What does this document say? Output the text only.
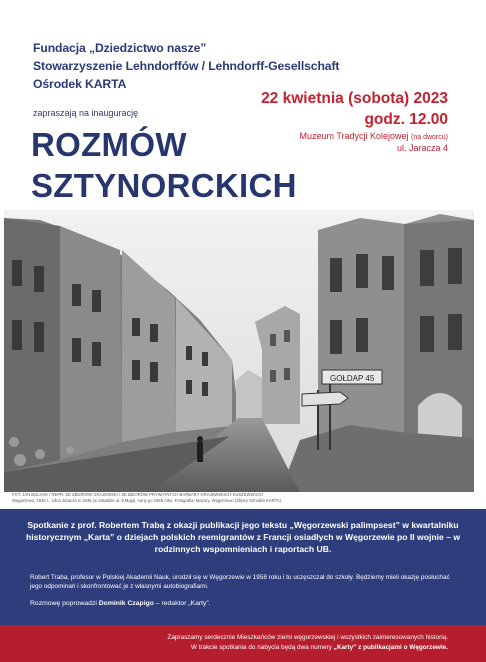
Fundacja „Dziedzictwo nasze”
Stowarzyszenie Lehndorffów / Lehndorff-Gesellschaft
Ośrodek KARTA
zapraszają na inaugurację
ROZMÓW
SZTYNORCKICH
22 kwietnia (sobota) 2023
godz. 12.00
Muzeum Tradycji Kolejowej (na dworcu)
ul. Jaracza 4
GOŁDAP 45
FOT. JAN BULHAK / REPR. ZE ZBIORÓW GRAJEWSKI / ZE ZBIORÓW PRYWATNYCH BARBARY GRAJEWSKICH-KUSZEWSKICH
Węgorzewo, 1945 r., Ulica Jaracza w 1945 (w zasadzie ul. 9 Maja), ruiny po 1945 roku. Fotografia: Mazury, Węgorzewo (Zbiory Ośrodka KARTA)
Spotkanie z prof. Robertem Trabą z okazji publikacji jego tekstu „Węgorzewski palimpsest” w kwartalniku historycznym „Karta” o dziejach polskich reemigrantów z Francji osiadłych w Węgorzewie po II wojnie – w rodzinnych wspomnieniach i raportach UB.
Robert Traba, profesor w Polskiej Akademii Nauk, urodził się w Węgorzewie w 1958 roku i tu uczęszczał do szkoły. Będziemy mieli okazję posłuchać jego odpominań i skonfrontować je z własnymi autobiografiami.
Rozmowę poprowadzi Dominik Czapigo – redaktor „Karty”.
Zapraszamy serdecznie Mieszkańców ziemi węgorzewskiej i wszystkich zainteresowanych historią.
W trakcie spotkania do nabycia będą dwa numery „Karty” z publikacjami o Węgorzewie.
